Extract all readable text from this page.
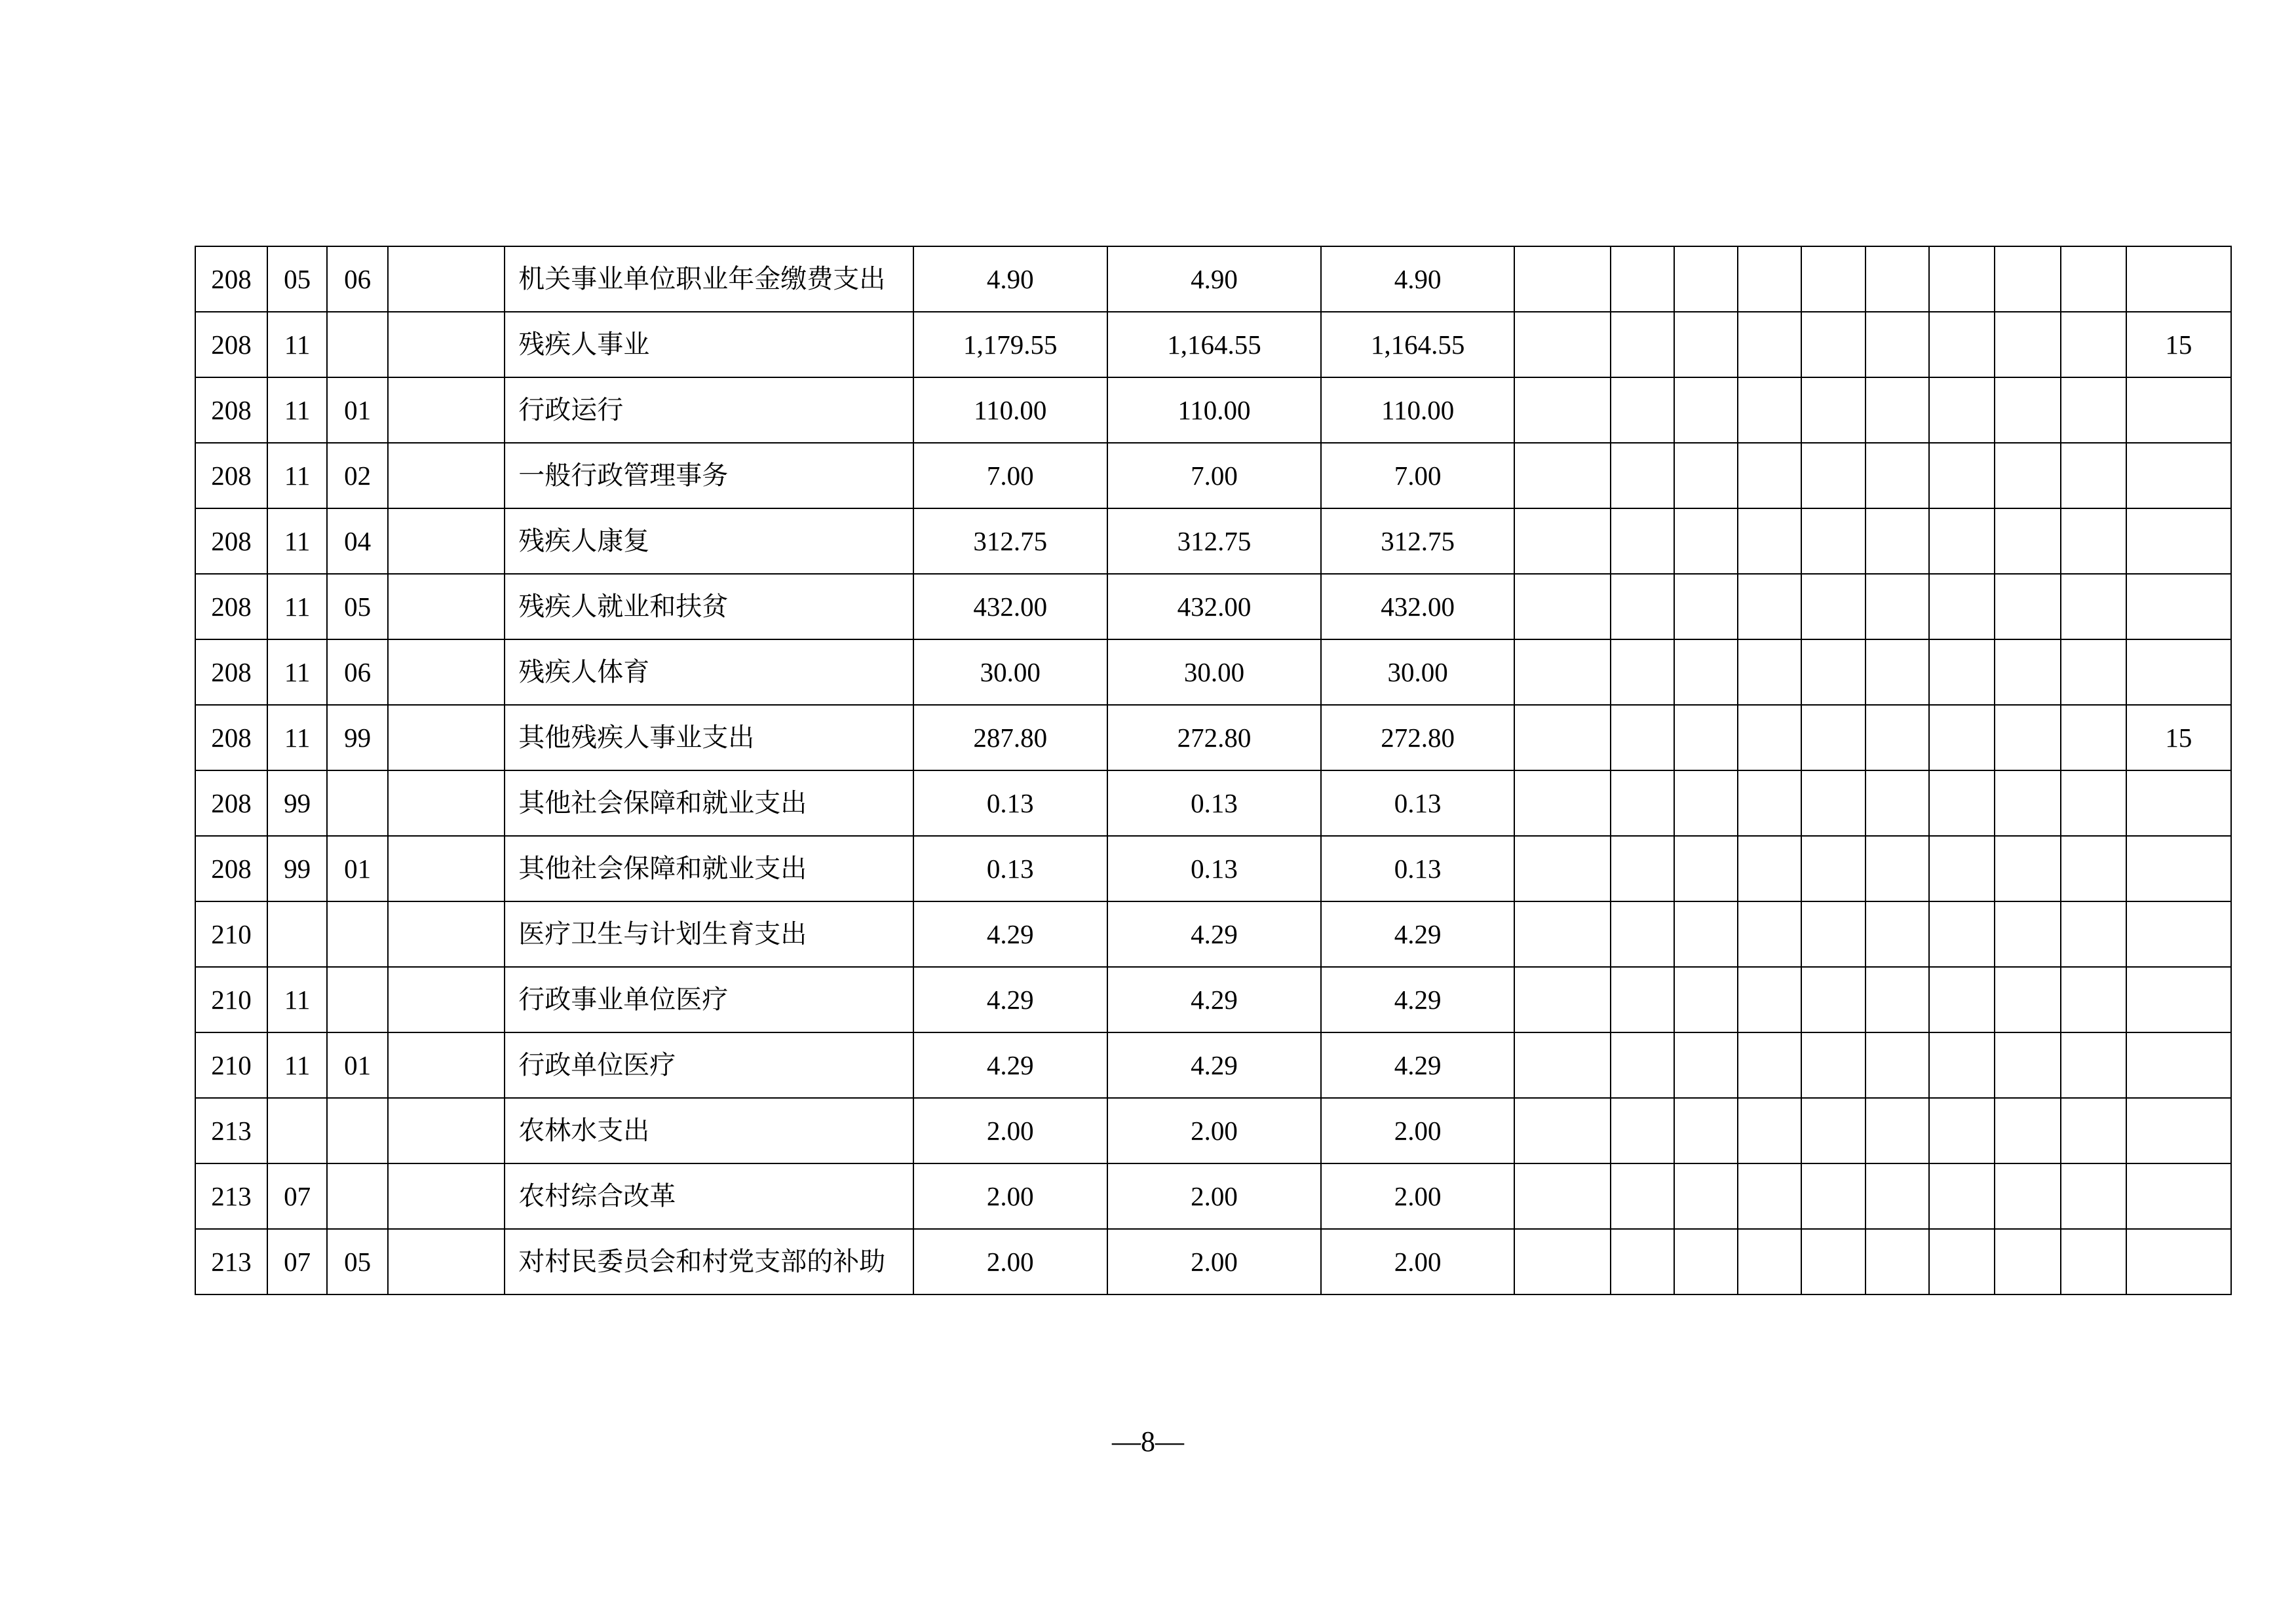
208	05	06		机关事业单位职业年金缴费支出	4.90	4.90	4.90										
208	11			残疾人事业	1,179.55	1,164.55	1,164.55										15
208	11	01		行政运行	110.00	110.00	110.00										
208	11	02		一般行政管理事务	7.00	7.00	7.00										
208	11	04		残疾人康复	312.75	312.75	312.75										
208	11	05		残疾人就业和扶贫	432.00	432.00	432.00										
208	11	06		残疾人体育	30.00	30.00	30.00										
208	11	99		其他残疾人事业支出	287.80	272.80	272.80										15
208	99			其他社会保障和就业支出	0.13	0.13	0.13										
208	99	01		其他社会保障和就业支出	0.13	0.13	0.13										
210				医疗卫生与计划生育支出	4.29	4.29	4.29										
210	11			行政事业单位医疗	4.29	4.29	4.29										
210	11	01		行政单位医疗	4.29	4.29	4.29										
213				农林水支出	2.00	2.00	2.00										
213	07			农村综合改革	2.00	2.00	2.00										
213	07	05		对村民委员会和村党支部的补助	2.00	2.00	2.00										
—8—
